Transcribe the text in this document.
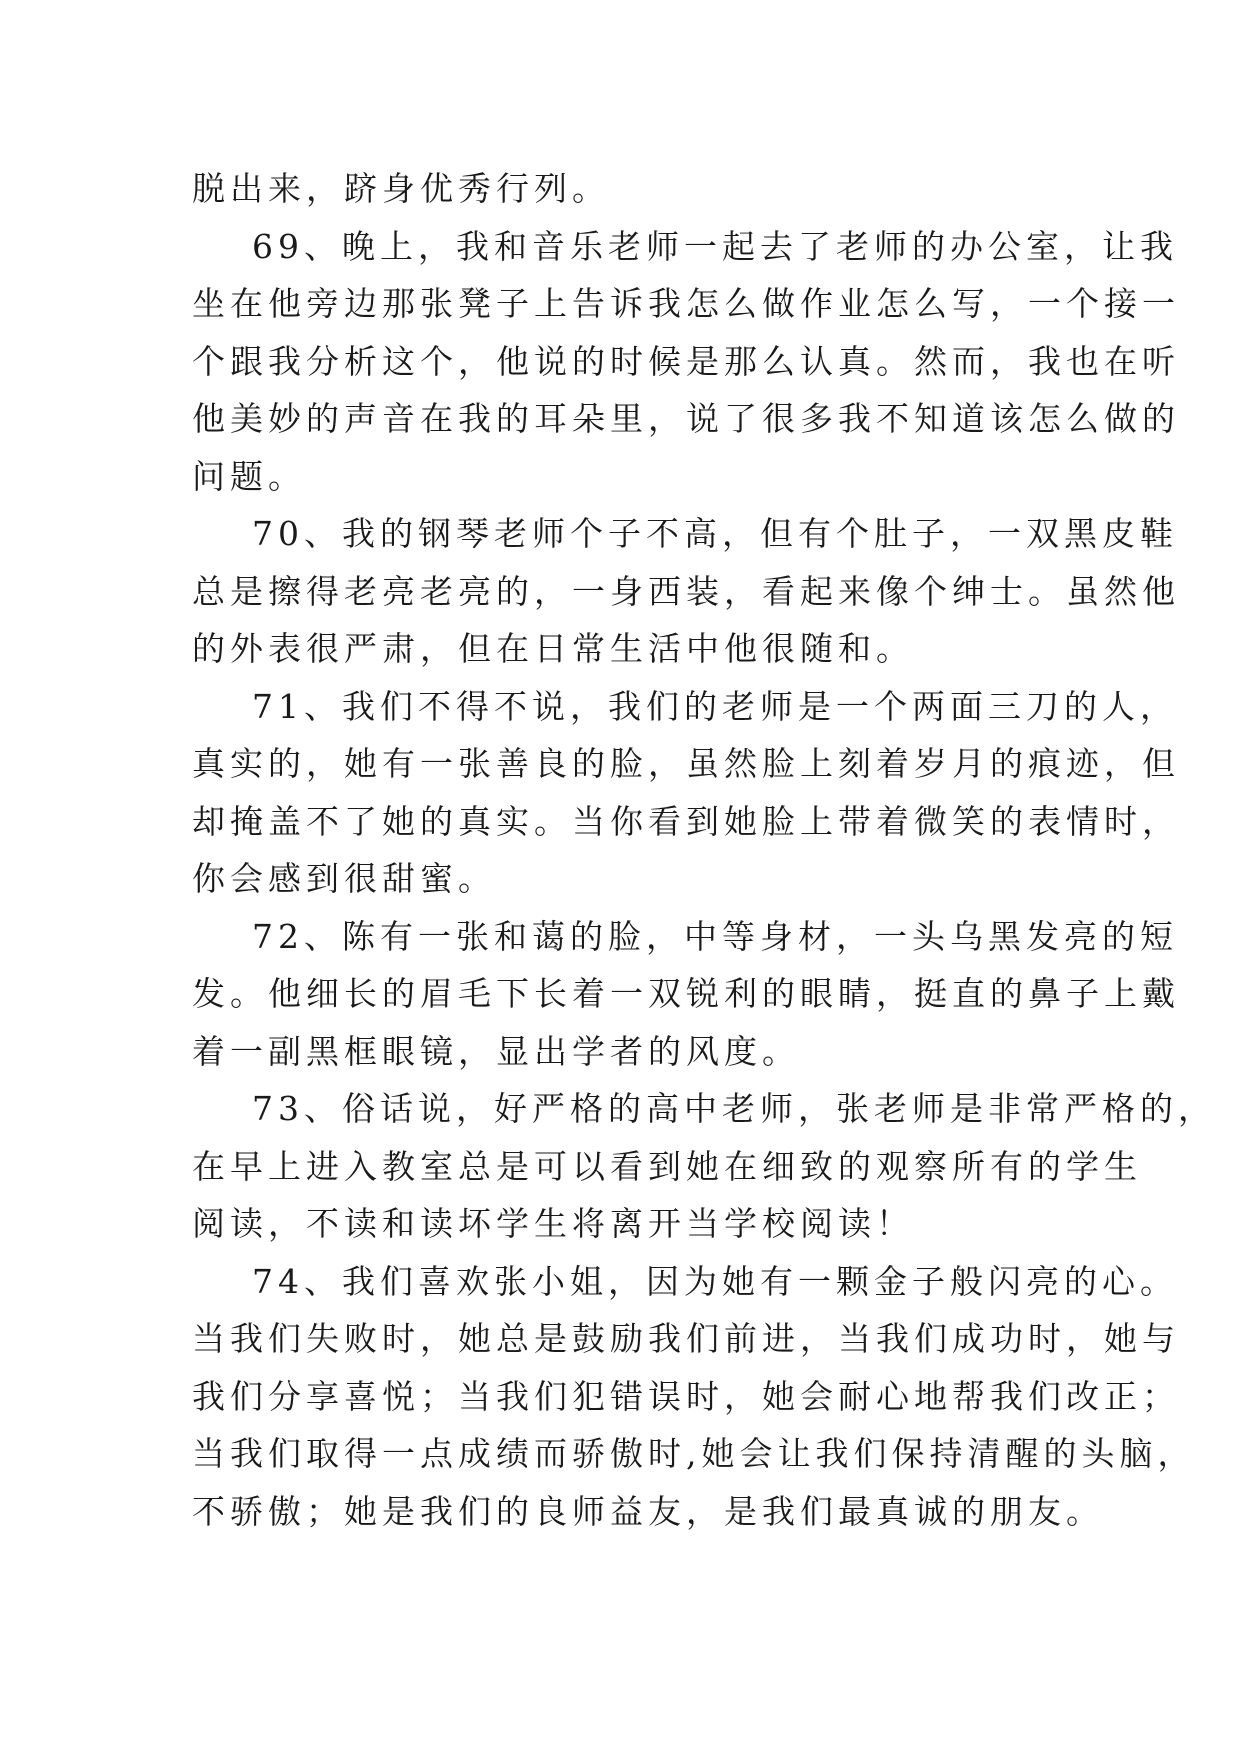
脱出来，跻身优秀行列。
69、晚上，我和音乐老师一起去了老师的办公室，让我
坐在他旁边那张凳子上告诉我怎么做作业怎么写，一个接一
个跟我分析这个，他说的时候是那么认真。然而，我也在听
他美妙的声音在我的耳朵里，说了很多我不知道该怎么做的
问题。
70、我的钢琴老师个子不高，但有个肚子，一双黑皮鞋
总是擦得老亮老亮的，一身西装，看起来像个绅士。虽然他
的外表很严肃，但在日常生活中他很随和。
71、我们不得不说，我们的老师是一个两面三刀的人，
真实的，她有一张善良的脸，虽然脸上刻着岁月的痕迹，但
却掩盖不了她的真实。当你看到她脸上带着微笑的表情时，
你会感到很甜蜜。
72、陈有一张和蔼的脸，中等身材，一头乌黑发亮的短
发。他细长的眉毛下长着一双锐利的眼睛，挺直的鼻子上戴
着一副黑框眼镜，显出学者的风度。
73、俗话说，好严格的高中老师，张老师是非常严格的，
在早上进入教室总是可以看到她在细致的观察所有的学生
阅读，不读和读坏学生将离开当学校阅读！
74、我们喜欢张小姐，因为她有一颗金子般闪亮的心。
当我们失败时，她总是鼓励我们前进，当我们成功时，她与
我们分享喜悦；当我们犯错误时，她会耐心地帮我们改正；
当我们取得一点成绩而骄傲时,她会让我们保持清醒的头脑，
不骄傲；她是我们的良师益友，是我们最真诚的朋友。
